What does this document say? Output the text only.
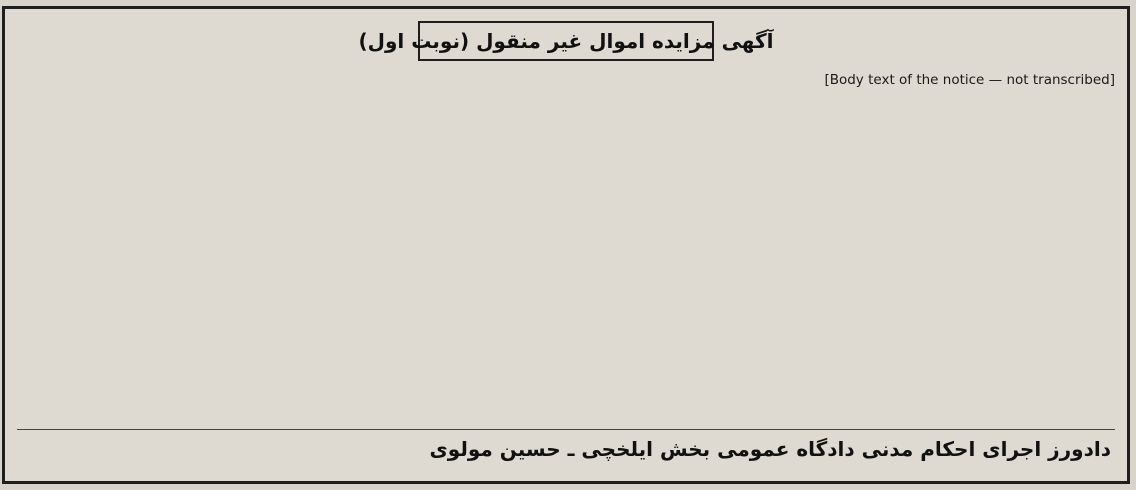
آگهی مزایده اموال غیر منقول (نوبت اول)
[Body text of the notice — not transcribed]
دادورز اجرای احکام مدنی دادگاه عمومی بخش ایلخچی ـ حسین مولوی
